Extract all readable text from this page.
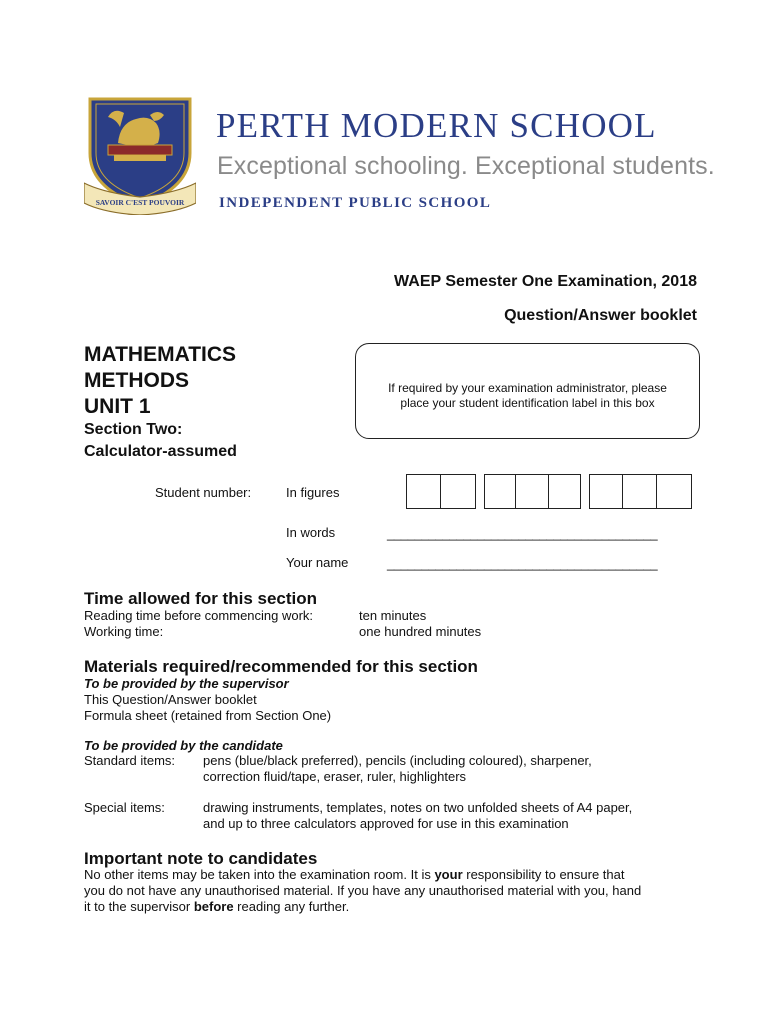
SAVOIR C'EST POUVOIR
PERTH MODERN SCHOOL
Exceptional schooling. Exceptional students.
INDEPENDENT PUBLIC SCHOOL
WAEP Semester One Examination, 2018
Question/Answer booklet
MATHEMATICS
METHODS
UNIT 1
Section Two:
Calculator-assumed
If required by your examination administrator, please
place your student identification label in this box
Student number:	In figures
In words	_______________________________________
Your name	_______________________________________
Time allowed for this section
Reading time before commencing work:	ten minutes
Working time:	one hundred minutes
Materials required/recommended for this section
To be provided by the supervisor
This Question/Answer booklet
Formula sheet (retained from Section One)
To be provided by the candidate
Standard items: pens (blue/black preferred), pencils (including coloured), sharpener,
correction fluid/tape, eraser, ruler, highlighters
Special items:	drawing instruments, templates, notes on two unfolded sheets of A4 paper,
and up to three calculators approved for use in this examination
Important note to candidates
No other items may be taken into the examination room. It is your responsibility to ensure that
you do not have any unauthorised material. If you have any unauthorised material with you, hand
it to the supervisor before reading any further.
